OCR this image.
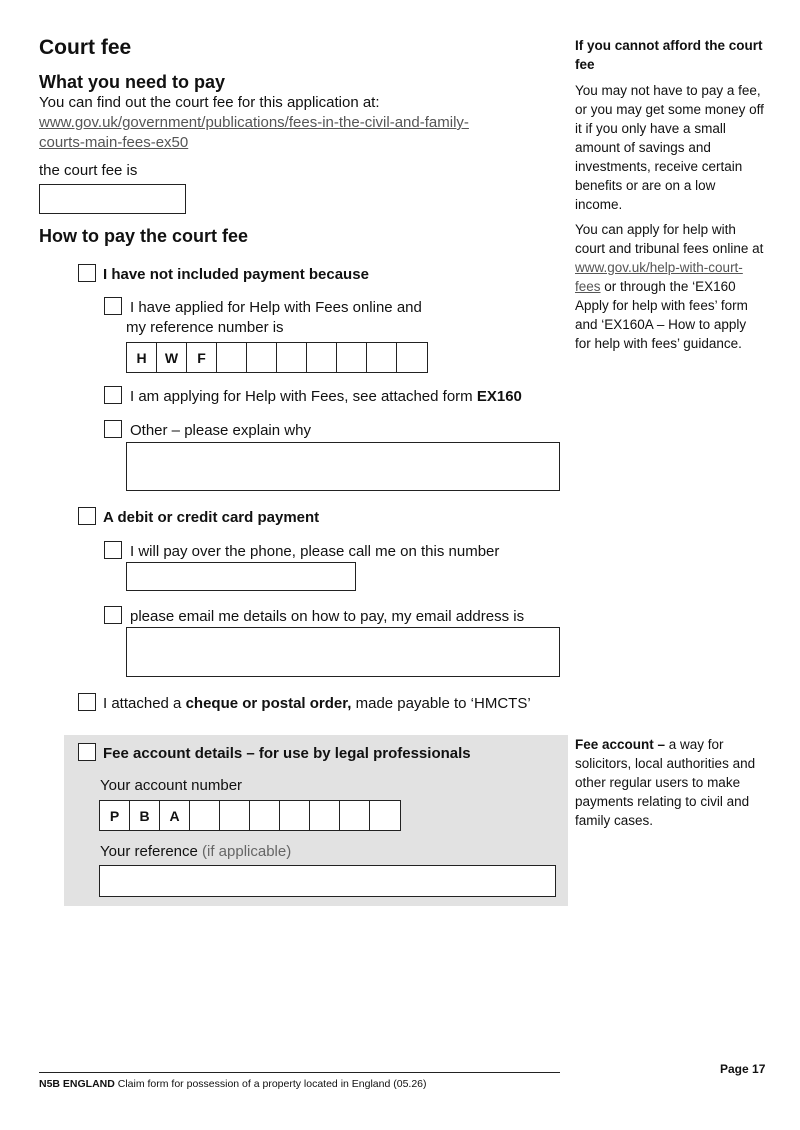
Court fee
What you need to pay
You can find out the court fee for this application at:
www.gov.uk/government/publications/fees-in-the-civil-and-family-
courts-main-fees-ex50
the court fee is
How to pay the court fee
I have not included payment because
I have applied for Help with Fees online and
my reference number is
H	W	F
I am applying for Help with Fees, see attached form EX160
Other – please explain why
A debit or credit card payment
I will pay over the phone, please call me on this number
please email me details on how to pay, my email address is
I attached a cheque or postal order, made payable to ‘HMCTS’
Fee account details – for use by legal professionals
Your account number
P	B	A
Your reference (if applicable)
If you cannot afford the court fee
You may not have to pay a fee, or you may get some money off it if you only have a small amount of savings and investments, receive certain benefits or are on a low income.
You can apply for help with court and tribunal fees online at www.gov.uk/help-with-court-fees or through the ‘EX160 Apply for help with fees’ form and ‘EX160A – How to apply for help with fees’ guidance.
Fee account – a way for solicitors, local authorities and other regular users to make payments relating to civil and family cases.
Page 17
N5B ENGLAND Claim form for possession of a property located in England (05.26)
